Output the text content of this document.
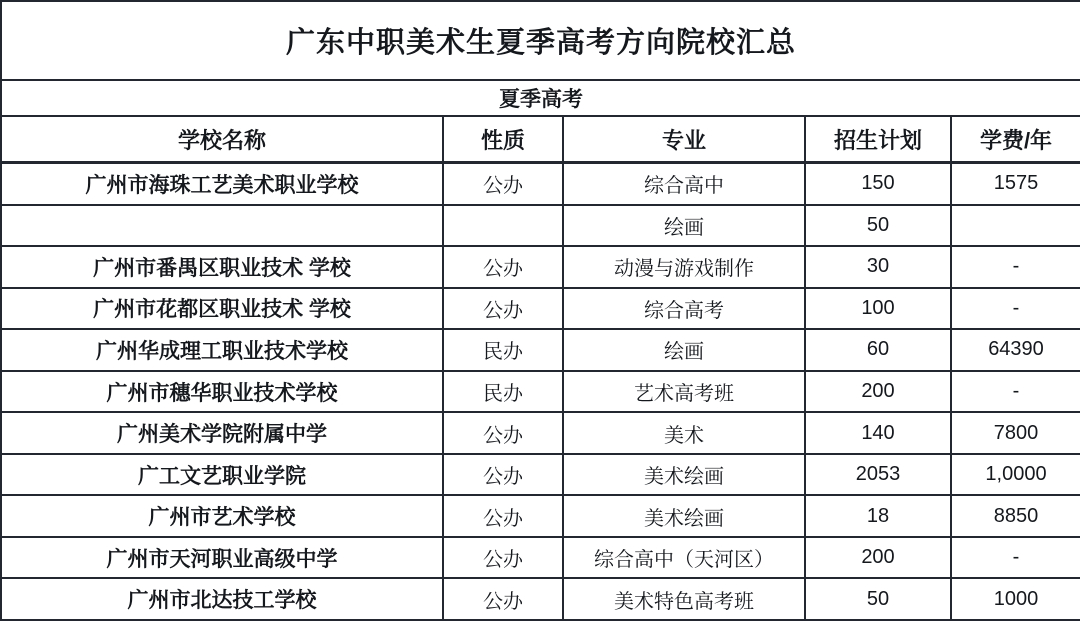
广东中职美术生夏季高考方向院校汇总				
夏季高考				
学校名称	性质	专业	招生计划	学费/年
广州市海珠工艺美术职业学校	公办	综合高中	150	1575
		绘画	50	
广州市番禺区职业技术 学校	公办	动漫与游戏制作	30	-
广州市花都区职业技术 学校	公办	综合高考	100	-
广州华成理工职业技术学校	民办	绘画	60	64390
广州市穗华职业技术学校	民办	艺术高考班	200	-
广州美术学院附属中学	公办	美术	140	7800
广工文艺职业学院	公办	美术绘画	2053	1,0000
广州市艺术学校	公办	美术绘画	18	8850
广州市天河职业高级中学	公办	综合高中（天河区）	200	-
广州市北达技工学校	公办	美术特色高考班	50	1000
